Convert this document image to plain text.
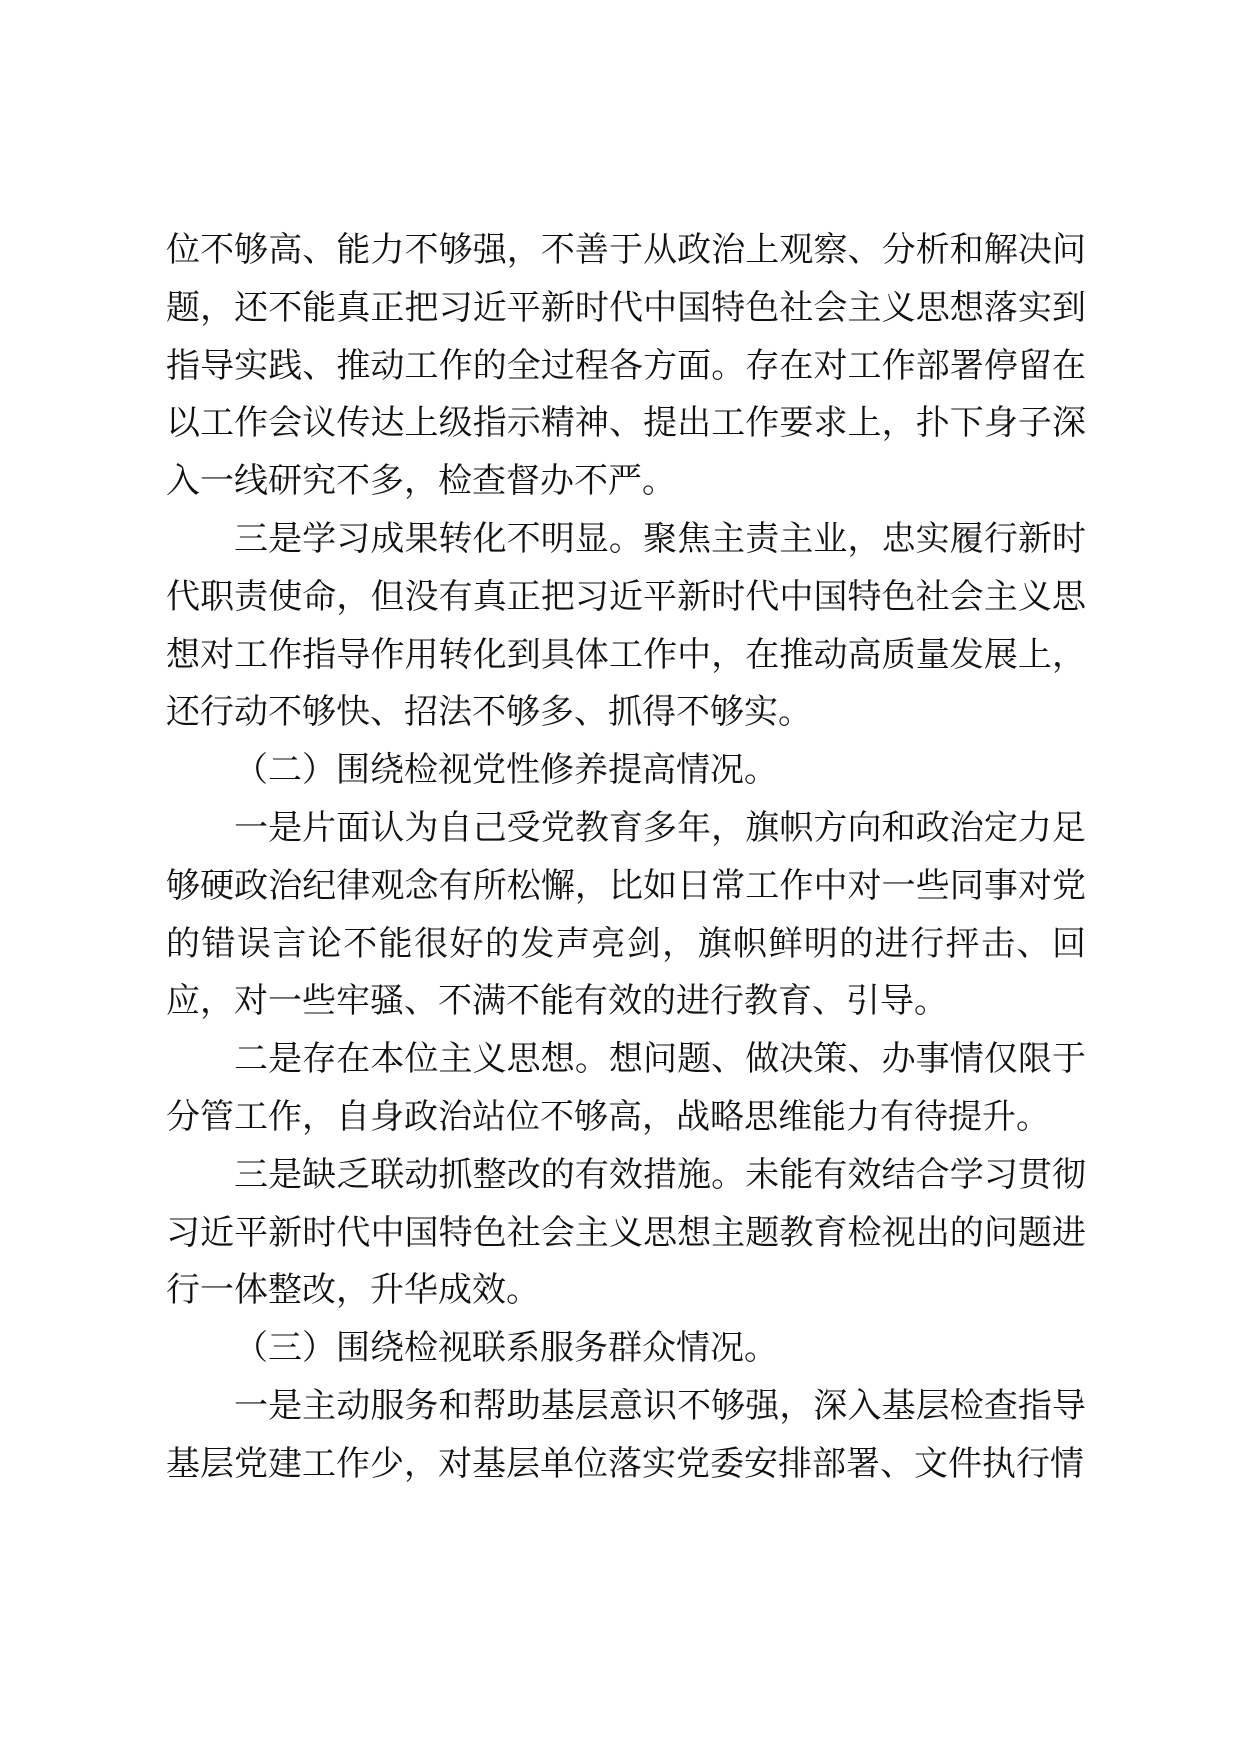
位不够高、能力不够强，不善于从政治上观察、分析和解决问题，还不能真正把习近平新时代中国特色社会主义思想落实到指导实践、推动工作的全过程各方面。存在对工作部署停留在以工作会议传达上级指示精神、提出工作要求上，扑下身子深入一线研究不多，检查督办不严。

三是学习成果转化不明显。聚焦主责主业，忠实履行新时代职责使命，但没有真正把习近平新时代中国特色社会主义思想对工作指导作用转化到具体工作中，在推动高质量发展上，还行动不够快、招法不够多、抓得不够实。

（二）围绕检视党性修养提高情况。

一是片面认为自己受党教育多年，旗帜方向和政治定力足够硬政治纪律观念有所松懈，比如日常工作中对一些同事对党的错误言论不能很好的发声亮剑，旗帜鲜明的进行抨击、回应，对一些牢骚、不满不能有效的进行教育、引导。

二是存在本位主义思想。想问题、做决策、办事情仅限于分管工作，自身政治站位不够高，战略思维能力有待提升。

三是缺乏联动抓整改的有效措施。未能有效结合学习贯彻习近平新时代中国特色社会主义思想主题教育检视出的问题进行一体整改，升华成效。

（三）围绕检视联系服务群众情况。

一是主动服务和帮助基层意识不够强，深入基层检查指导基层党建工作少，对基层单位落实党委安排部署、文件执行情
